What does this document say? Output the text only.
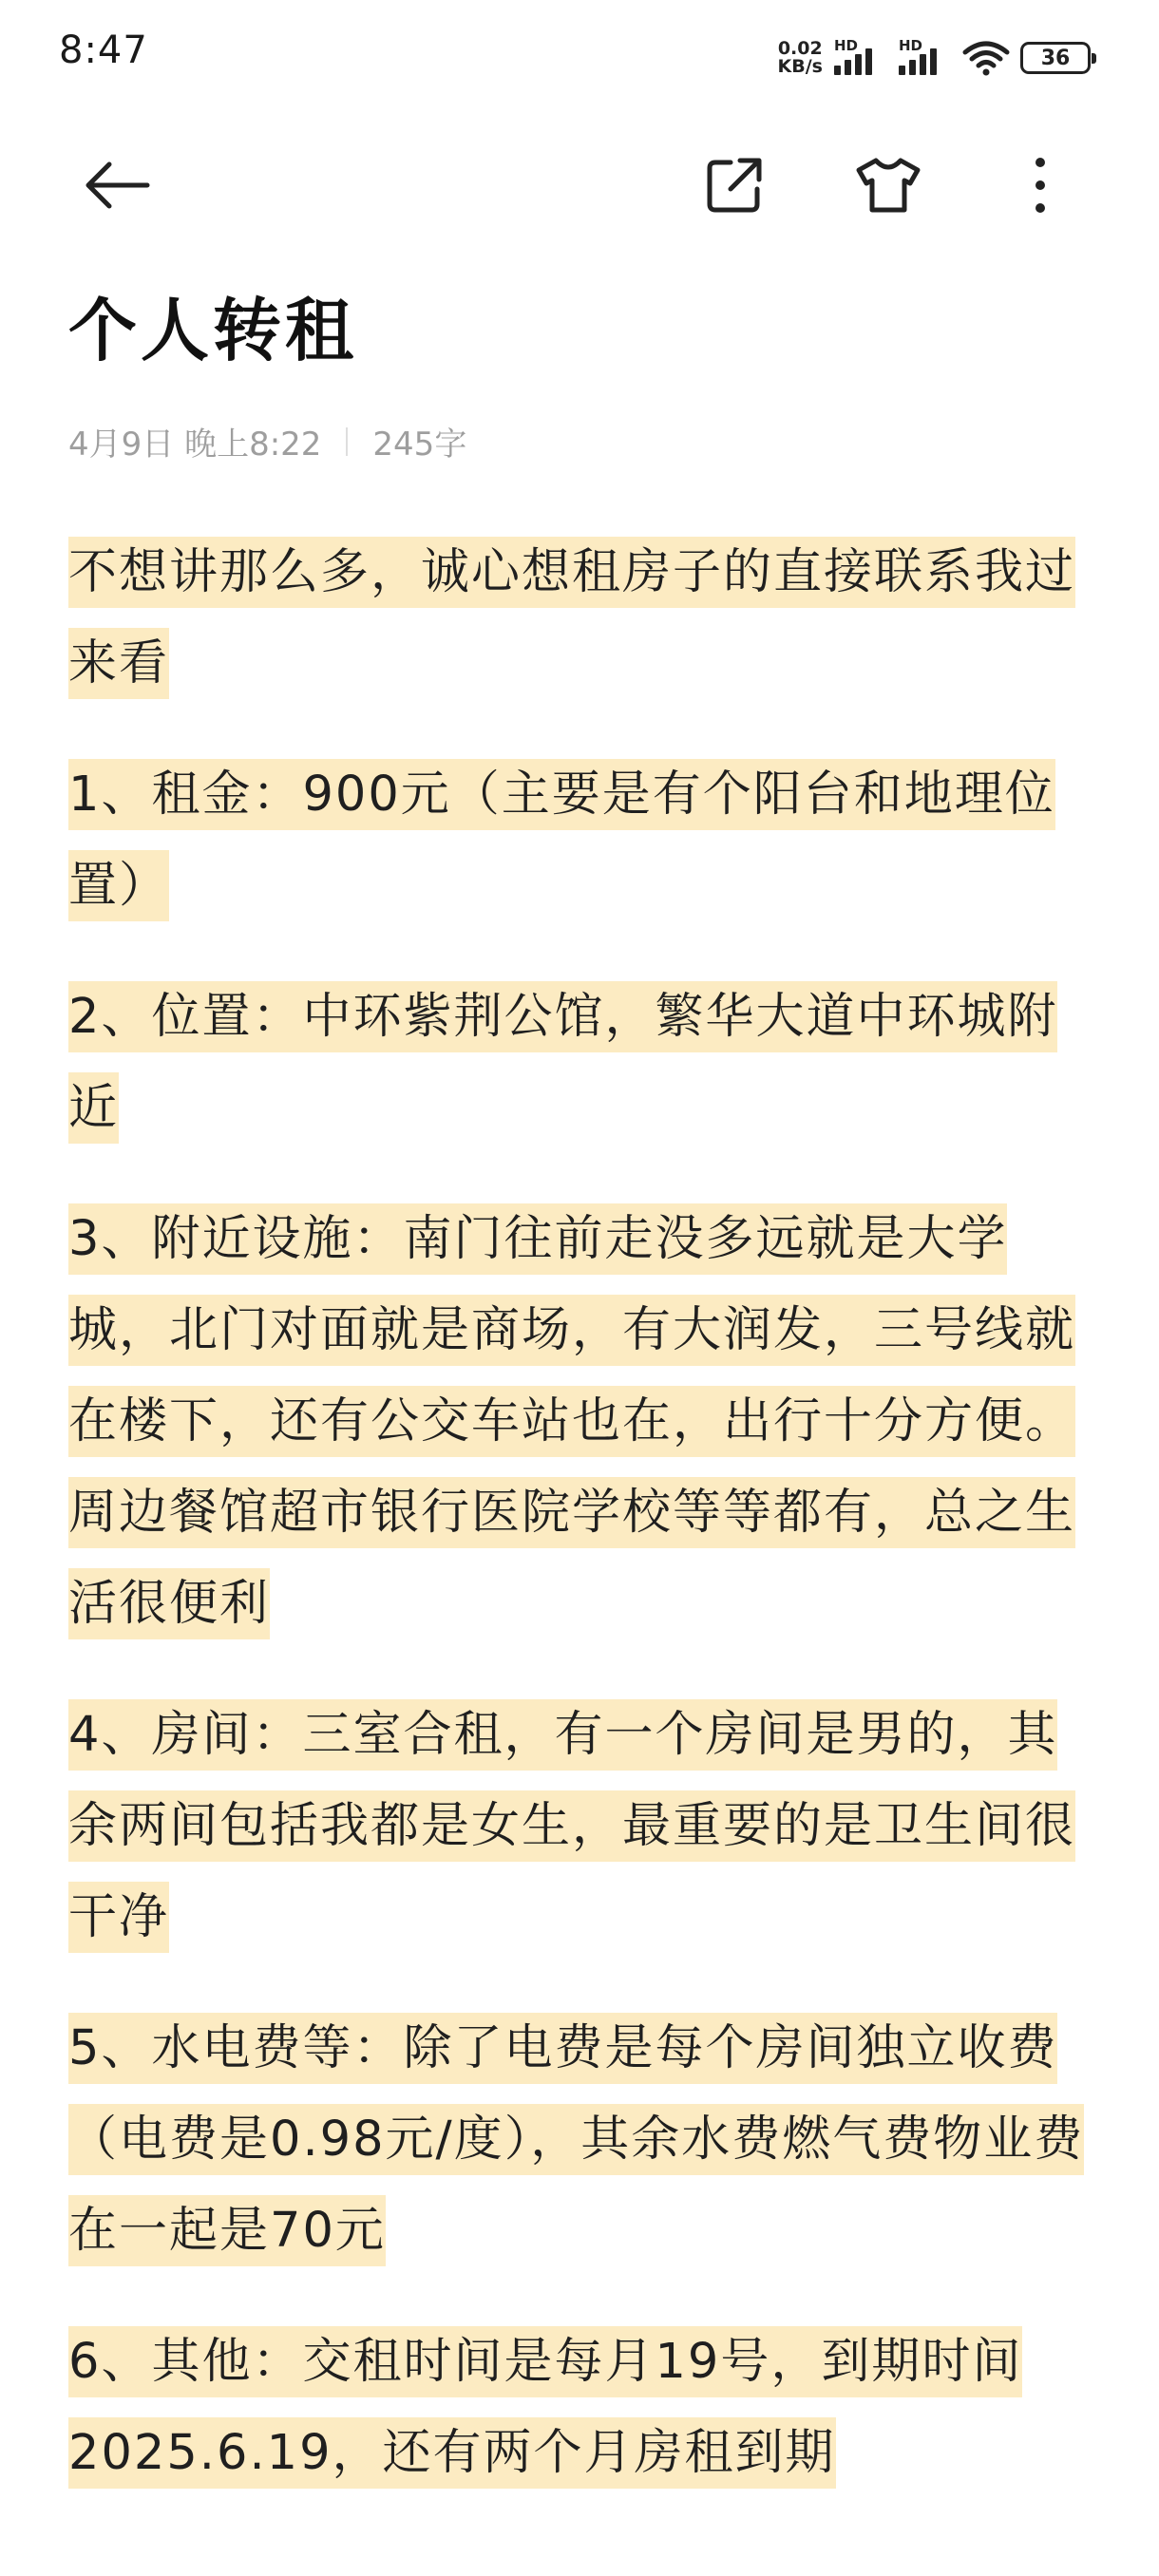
8:47	0.02
KB/s
HD	HD
36
个人转租
4月9日 晚上8:22 245字

不想讲那么多，诚心想租房子的直接联系我过来看

1、租金：900元（主要是有个阳台和地理位置）

2、位置：中环紫荆公馆，繁华大道中环城附近

3、附近设施：南门往前走没多远就是大学城，北门对面就是商场，有大润发，三号线就在楼下，还有公交车站也在，出行十分方便。周边餐馆超市银行医院学校等等都有，总之生活很便利

4、房间：三室合租，有一个房间是男的，其余两间包括我都是女生，最重要的是卫生间很干净

5、水电费等：除了电费是每个房间独立收费（电费是0.98元/度），其余水费燃气费物业费在一起是70元

6、其他：交租时间是每月19号，到期时间2025.6.19，还有两个月房租到期
